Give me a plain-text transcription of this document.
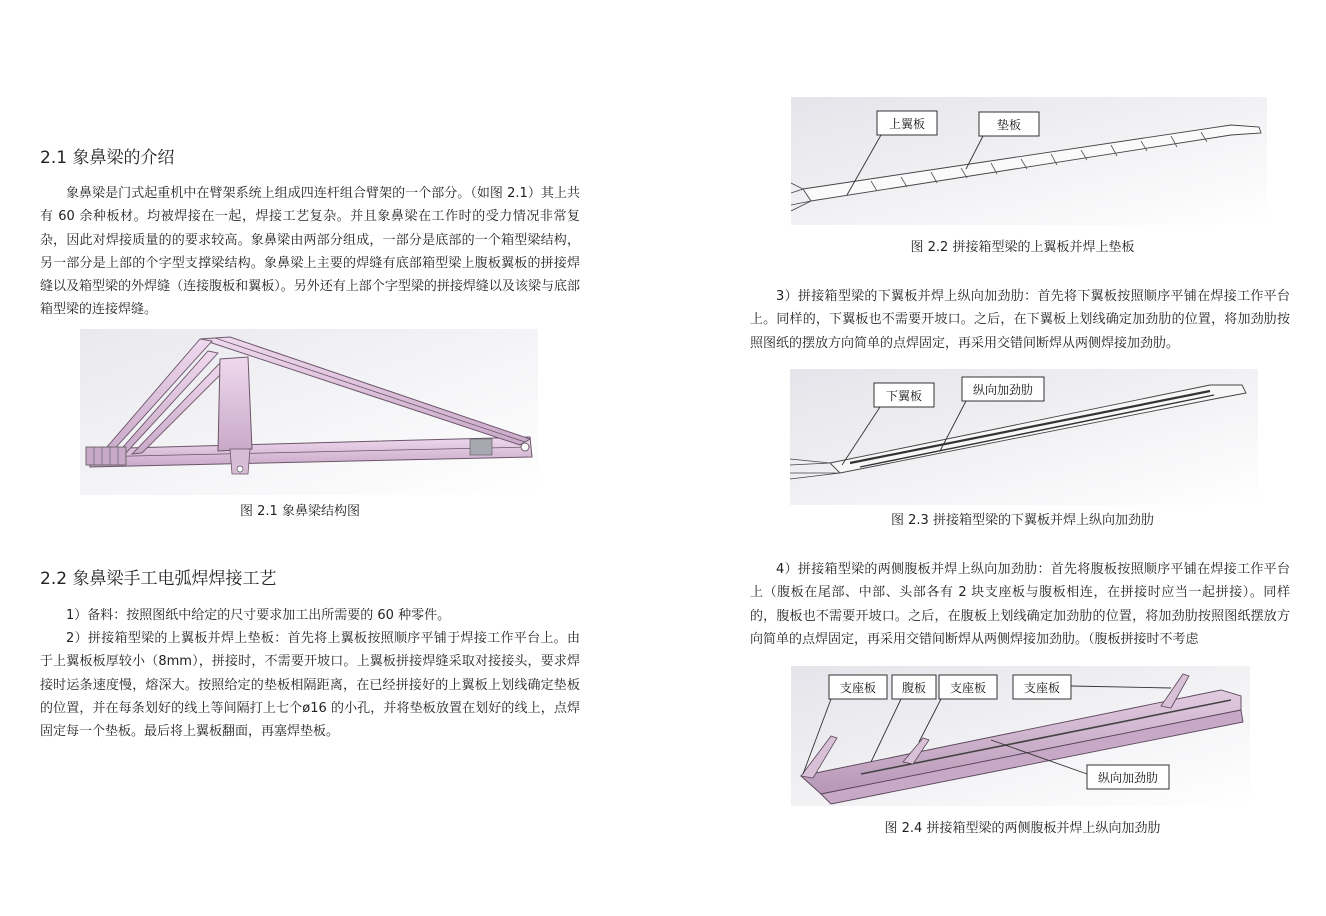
2.1 象鼻梁的介绍

象鼻梁是门式起重机中在臂架系统上组成四连杆组合臂架的一个部分。（如图 2.1）其上共有 60 余种板材。均被焊接在一起，焊接工艺复杂。并且象鼻梁在工作时的受力情况非常复杂，因此对焊接质量的的要求较高。象鼻梁由两部分组成，一部分是底部的一个箱型梁结构，另一部分是上部的个字型支撑梁结构。象鼻梁上主要的焊缝有底部箱型梁上腹板翼板的拼接焊缝以及箱型梁的外焊缝（连接腹板和翼板）。另外还有上部个字型梁的拼接焊缝以及该梁与底部箱型梁的连接焊缝。

图 2.1 象鼻梁结构图

2.2 象鼻梁手工电弧焊焊接工艺

1）备料：按照图纸中给定的尺寸要求加工出所需要的 60 种零件。

2）拼接箱型梁的上翼板并焊上垫板：首先将上翼板按照顺序平铺于焊接工作平台上。由于上翼板板厚较小（8mm），拼接时，不需要开坡口。上翼板拼接焊缝采取对接接头，要求焊接时运条速度慢，熔深大。按照给定的垫板相隔距离，在已经拼接好的上翼板上划线确定垫板的位置，并在每条划好的线上等间隔打上七个ø16 的小孔，并将垫板放置在划好的线上，点焊固定每一个垫板。最后将上翼板翻面，再塞焊垫板。

上翼板	垫板

图 2.2 拼接箱型梁的上翼板并焊上垫板

3）拼接箱型梁的下翼板并焊上纵向加劲肋：首先将下翼板按照顺序平铺在焊接工作平台上。同样的，下翼板也不需要开坡口。之后，在下翼板上划线确定加劲肋的位置，将加劲肋按照图纸的摆放方向简单的点焊固定，再采用交错间断焊从两侧焊接加劲肋。

下翼板	纵向加劲肋

图 2.3 拼接箱型梁的下翼板并焊上纵向加劲肋

4）拼接箱型梁的两侧腹板并焊上纵向加劲肋：首先将腹板按照顺序平铺在焊接工作平台上（腹板在尾部、中部、头部各有 2 块支座板与腹板相连，在拼接时应当一起拼接）。同样的，腹板也不需要开坡口。之后，在腹板上划线确定加劲肋的位置，将加劲肋按照图纸摆放方向简单的点焊固定，再采用交错间断焊从两侧焊接加劲肋。（腹板拼接时不考虑

支座板 腹板 支座板	支座板
纵向加劲肋

图 2.4 拼接箱型梁的两侧腹板并焊上纵向加劲肋
